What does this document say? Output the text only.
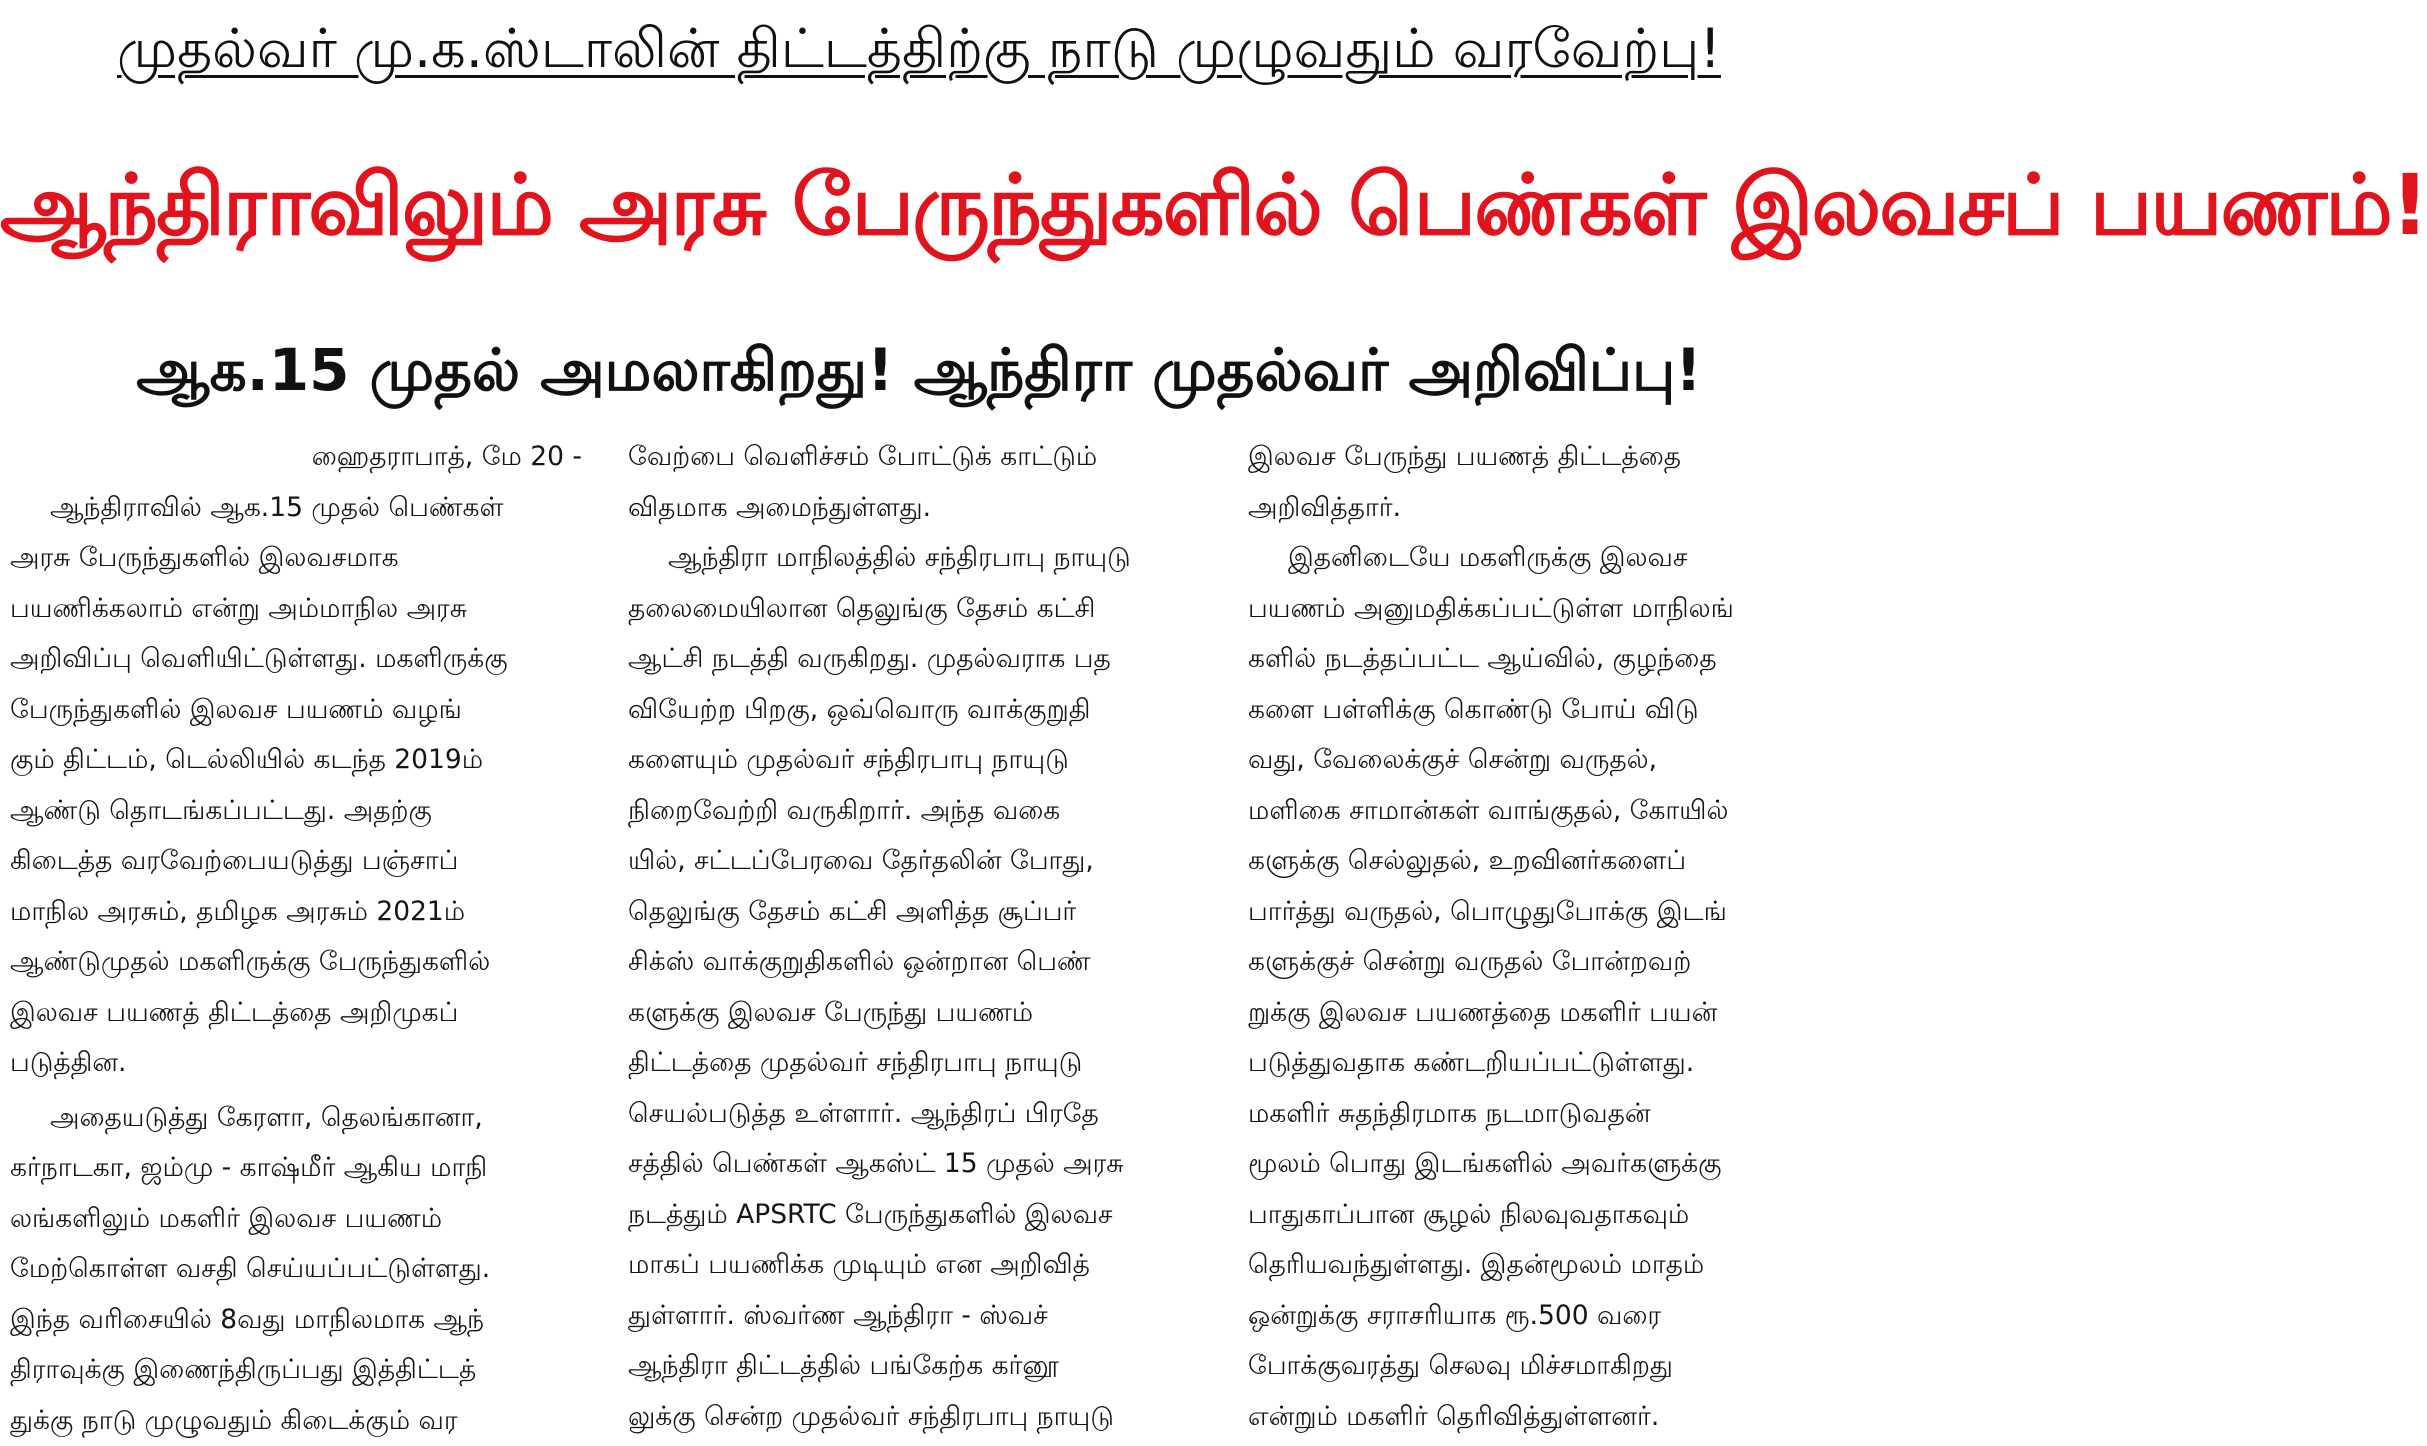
முதல்வர் மு.க.ஸ்டாலின் திட்டத்திற்கு நாடு முழுவதும் வரவேற்பு!
ஆந்திராவிலும் அரசு பேருந்துகளில் பெண்கள் இலவசப் பயணம்!
ஆக.15 முதல் அமலாகிறது! ஆந்திரா முதல்வர் அறிவிப்பு!

ஹைதராபாத், மே 20 -

ஆந்திராவில் ஆக.15 முதல் பெண்கள்

அரசு பேருந்துகளில் இலவசமாக

பயணிக்கலாம் என்று அம்மாநில அரசு

அறிவிப்பு வெளியிட்டுள்ளது. மகளிருக்கு

பேருந்துகளில் இலவச பயணம் வழங்

கும் திட்டம், டெல்லியில் கடந்த 2019ம்

ஆண்டு தொடங்கப்பட்டது. அதற்கு

கிடைத்த வரவேற்பையடுத்து பஞ்சாப்

மாநில அரசும், தமிழக அரசும் 2021ம்

ஆண்டுமுதல் மகளிருக்கு பேருந்துகளில்

இலவச பயணத் திட்டத்தை அறிமுகப்

படுத்தின.

அதையடுத்து கேரளா, தெலங்கானா,

கர்நாடகா, ஜம்மு - காஷ்மீர் ஆகிய மாநி

லங்களிலும் மகளிர் இலவச பயணம்

மேற்கொள்ள வசதி செய்யப்பட்டுள்ளது.

இந்த வரிசையில் 8வது மாநிலமாக ஆந்

திராவுக்கு இணைந்திருப்பது இத்திட்டத்

துக்கு நாடு முழுவதும் கிடைக்கும் வர

வேற்பை வெளிச்சம் போட்டுக் காட்டும்

விதமாக அமைந்துள்ளது.

ஆந்திரா மாநிலத்தில் சந்திரபாபு நாயுடு

தலைமையிலான தெலுங்கு தேசம் கட்சி

ஆட்சி நடத்தி வருகிறது. முதல்வராக பத

வியேற்ற பிறகு, ஒவ்வொரு வாக்குறுதி

களையும் முதல்வர் சந்திரபாபு நாயுடு

நிறைவேற்றி வருகிறார். அந்த வகை

யில், சட்டப்பேரவை தேர்தலின் போது,

தெலுங்கு தேசம் கட்சி அளித்த சூப்பர்

சிக்ஸ் வாக்குறுதிகளில் ஒன்றான பெண்

களுக்கு இலவச பேருந்து பயணம்

திட்டத்தை முதல்வர் சந்திரபாபு நாயுடு

செயல்படுத்த உள்ளார். ஆந்திரப் பிரதே

சத்தில் பெண்கள் ஆகஸ்ட் 15 முதல் அரசு

நடத்தும் APSRTC பேருந்துகளில் இலவச

மாகப் பயணிக்க முடியும் என அறிவித்

துள்ளார். ஸ்வர்ண ஆந்திரா - ஸ்வச்

ஆந்திரா திட்டத்தில் பங்கேற்க கர்னூ

லுக்கு சென்ற முதல்வர் சந்திரபாபு நாயுடு

இலவச பேருந்து பயணத் திட்டத்தை

அறிவித்தார்.

இதனிடையே மகளிருக்கு இலவச

பயணம் அனுமதிக்கப்பட்டுள்ள மாநிலங்

களில் நடத்தப்பட்ட ஆய்வில், குழந்தை

களை பள்ளிக்கு கொண்டு போய் விடு

வது, வேலைக்குச் சென்று வருதல்,

மளிகை சாமான்கள் வாங்குதல், கோயில்

களுக்கு செல்லுதல், உறவினர்களைப்

பார்த்து வருதல், பொழுதுபோக்கு இடங்

களுக்குச் சென்று வருதல் போன்றவற்

றுக்கு இலவச பயணத்தை மகளிர் பயன்

படுத்துவதாக கண்டறியப்பட்டுள்ளது.

மகளிர் சுதந்திரமாக நடமாடுவதன்

மூலம் பொது இடங்களில் அவர்களுக்கு

பாதுகாப்பான சூழல் நிலவுவதாகவும்

தெரியவந்துள்ளது. இதன்மூலம் மாதம்

ஒன்றுக்கு சராசரியாக ரூ.500 வரை

போக்குவரத்து செலவு மிச்சமாகிறது

என்றும் மகளிர் தெரிவித்துள்ளனர்.
